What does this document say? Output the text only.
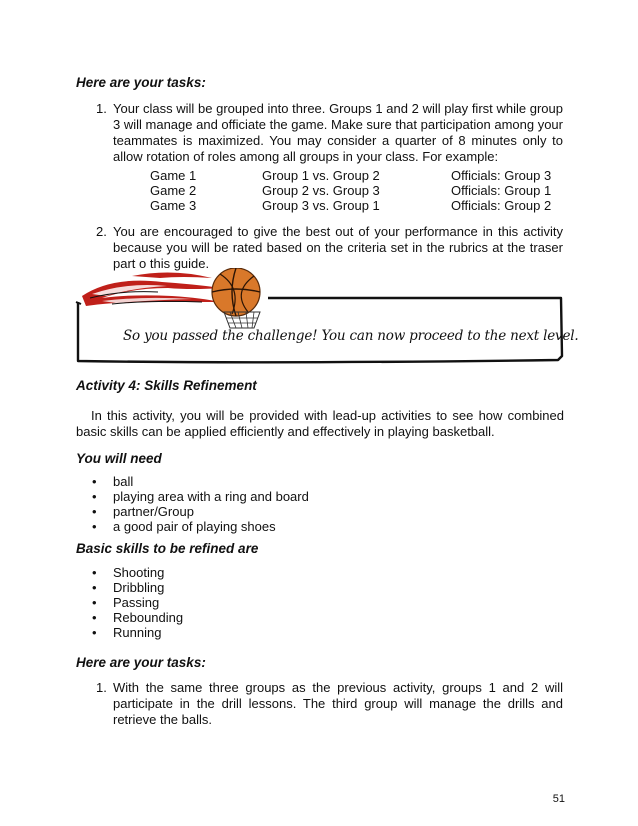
Here are your tasks:
1. Your class will be grouped into three. Groups 1 and 2 will play first while group 3 will manage and officiate the game. Make sure that participation among your teammates is maximized. You may consider a quarter of 8 minutes only to allow rotation of roles among all groups in your class. For example:
Game 1	Group 1 vs. Group 2	Officials: Group 3
Game 2	Group 2 vs. Group 3	Officials: Group 1
Game 3	Group 3 vs. Group 1	Officials: Group 2
2. You are encouraged to give the best out of your performance in this activity because you will be rated based on the criteria set in the rubrics at the traser part o this guide.
So you passed the challenge! You can now proceed to the next level.
Activity 4: Skills Refinement
In this activity, you will be provided with lead-up activities to see how combined basic skills can be applied efficiently and effectively in playing basketball.
You will need
• ball
• playing area with a ring and board
• partner/Group
• a good pair of playing shoes
Basic skills to be refined are
• Shooting
• Dribbling
• Passing
• Rebounding
• Running
Here are your tasks:
1. With the same three groups as the previous activity, groups 1 and 2 will participate in the drill lessons. The third group will manage the drills and retrieve the balls.
51
